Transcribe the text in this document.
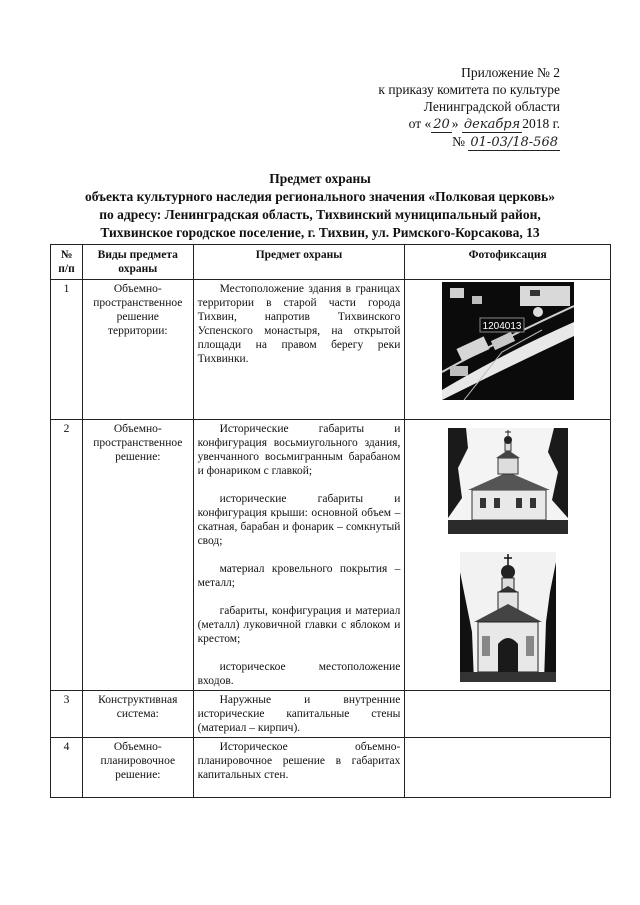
Приложение № 2
к приказу комитета по культуре
Ленинградской области
от « 20 » декабря 2018 г.
№ 01-03/18-568
Предмет охраны
объекта культурного наследия регионального значения «Полковая церковь»
по адресу: Ленинградская область, Тихвинский муниципальный район,
Тихвинское городское поселение, г. Тихвин, ул. Римского-Корсакова, 13
№ п/п	Виды предмета охраны	Предмет охраны	Фотофиксация
1	Объемно-пространственное решение территории:	Местоположение здания в границах территории в старой части города Тихвин, напротив Тихвинского Успенского монастыря, на открытой площади на правом берегу реки Тихвинки.	1204013

2	Объемно-пространственное решение:	Исторические габариты и конфигурация восьмиугольного здания, увенчанного восьмигранным барабаном и фонариком с главкой;

исторические габариты и конфигурация крыши: основной объем – скатная, барабан и фонарик – сомкнутый свод;

материал кровельного покрытия – металл;

габариты, конфигурация и материал (металл) луковичной главки с яблоком и крестом;

историческое местоположение входов.

3	Конструктивная система:	Наружные и внутренние исторические капитальные стены (материал – кирпич).	

4	Объемно-планировочное решение:	Историческое объемно-планировочное решение в габаритах капитальных стен.	
